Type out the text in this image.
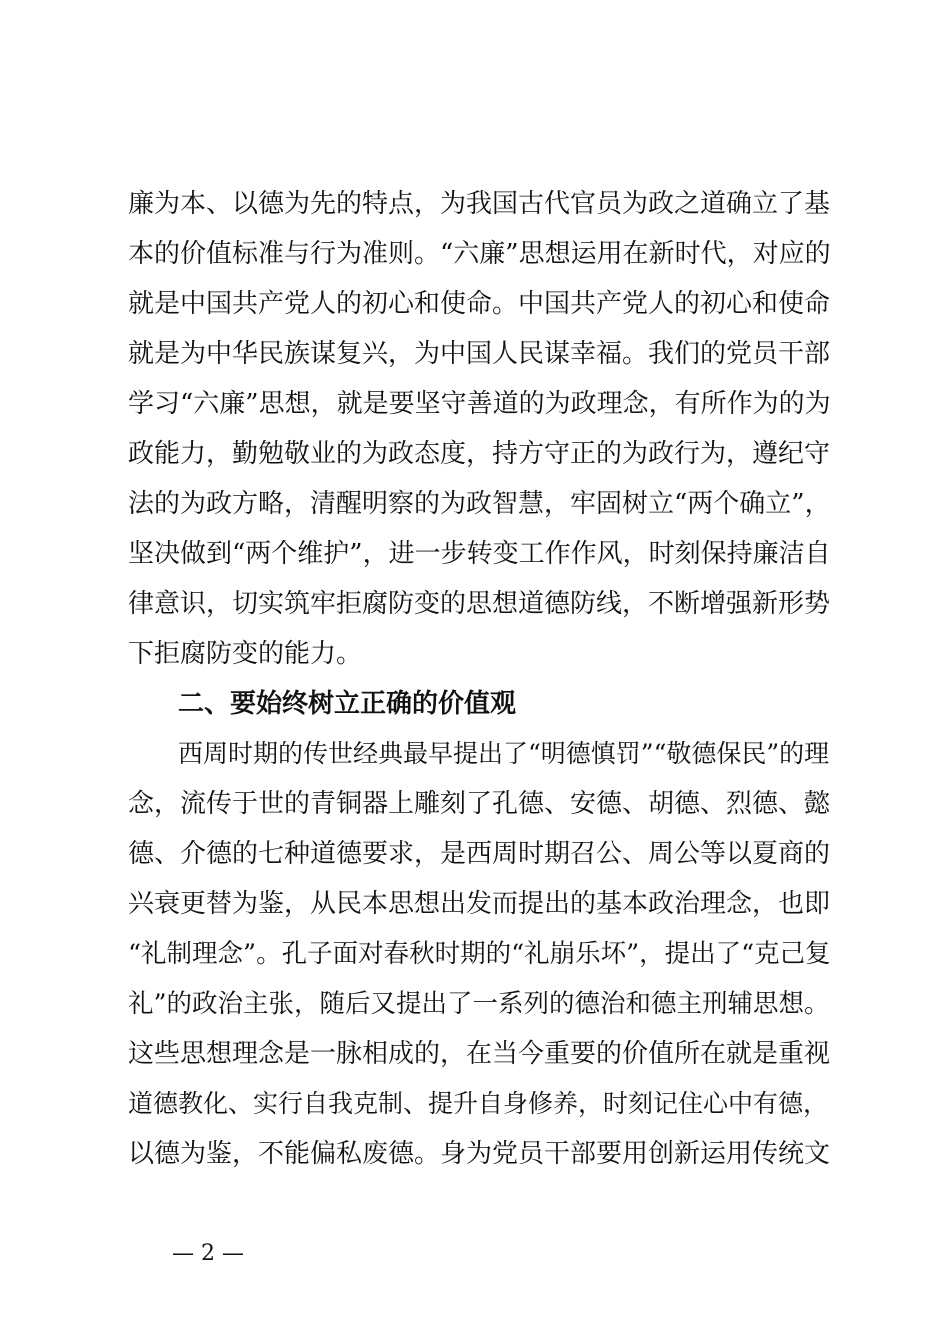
廉为本、以德为先的特点，为我国古代官员为政之道确立了基
本的价值标准与行为准则。“六廉”思想运用在新时代，对应的
就是中国共产党人的初心和使命。中国共产党人的初心和使命
就是为中华民族谋复兴，为中国人民谋幸福。我们的党员干部
学习“六廉”思想，就是要坚守善道的为政理念，有所作为的为
政能力，勤勉敬业的为政态度，持方守正的为政行为，遵纪守
法的为政方略，清醒明察的为政智慧，牢固树立“两个确立”，
坚决做到“两个维护”，进一步转变工作作风，时刻保持廉洁自
律意识，切实筑牢拒腐防变的思想道德防线，不断增强新形势
下拒腐防变的能力。
二、要始终树立正确的价值观
西周时期的传世经典最早提出了“明德慎罚”“敬德保民”的理
念，流传于世的青铜器上雕刻了孔德、安德、胡德、烈德、懿
德、介德的七种道德要求，是西周时期召公、周公等以夏商的
兴衰更替为鉴，从民本思想出发而提出的基本政治理念，也即
“礼制理念”。孔子面对春秋时期的“礼崩乐坏”，提出了“克己复
礼”的政治主张，随后又提出了一系列的德治和德主刑辅思想。
这些思想理念是一脉相成的，在当今重要的价值所在就是重视
道德教化、实行自我克制、提升自身修养，时刻记住心中有德，
以德为鉴，不能偏私废德。身为党员干部要用创新运用传统文
— 2 —
